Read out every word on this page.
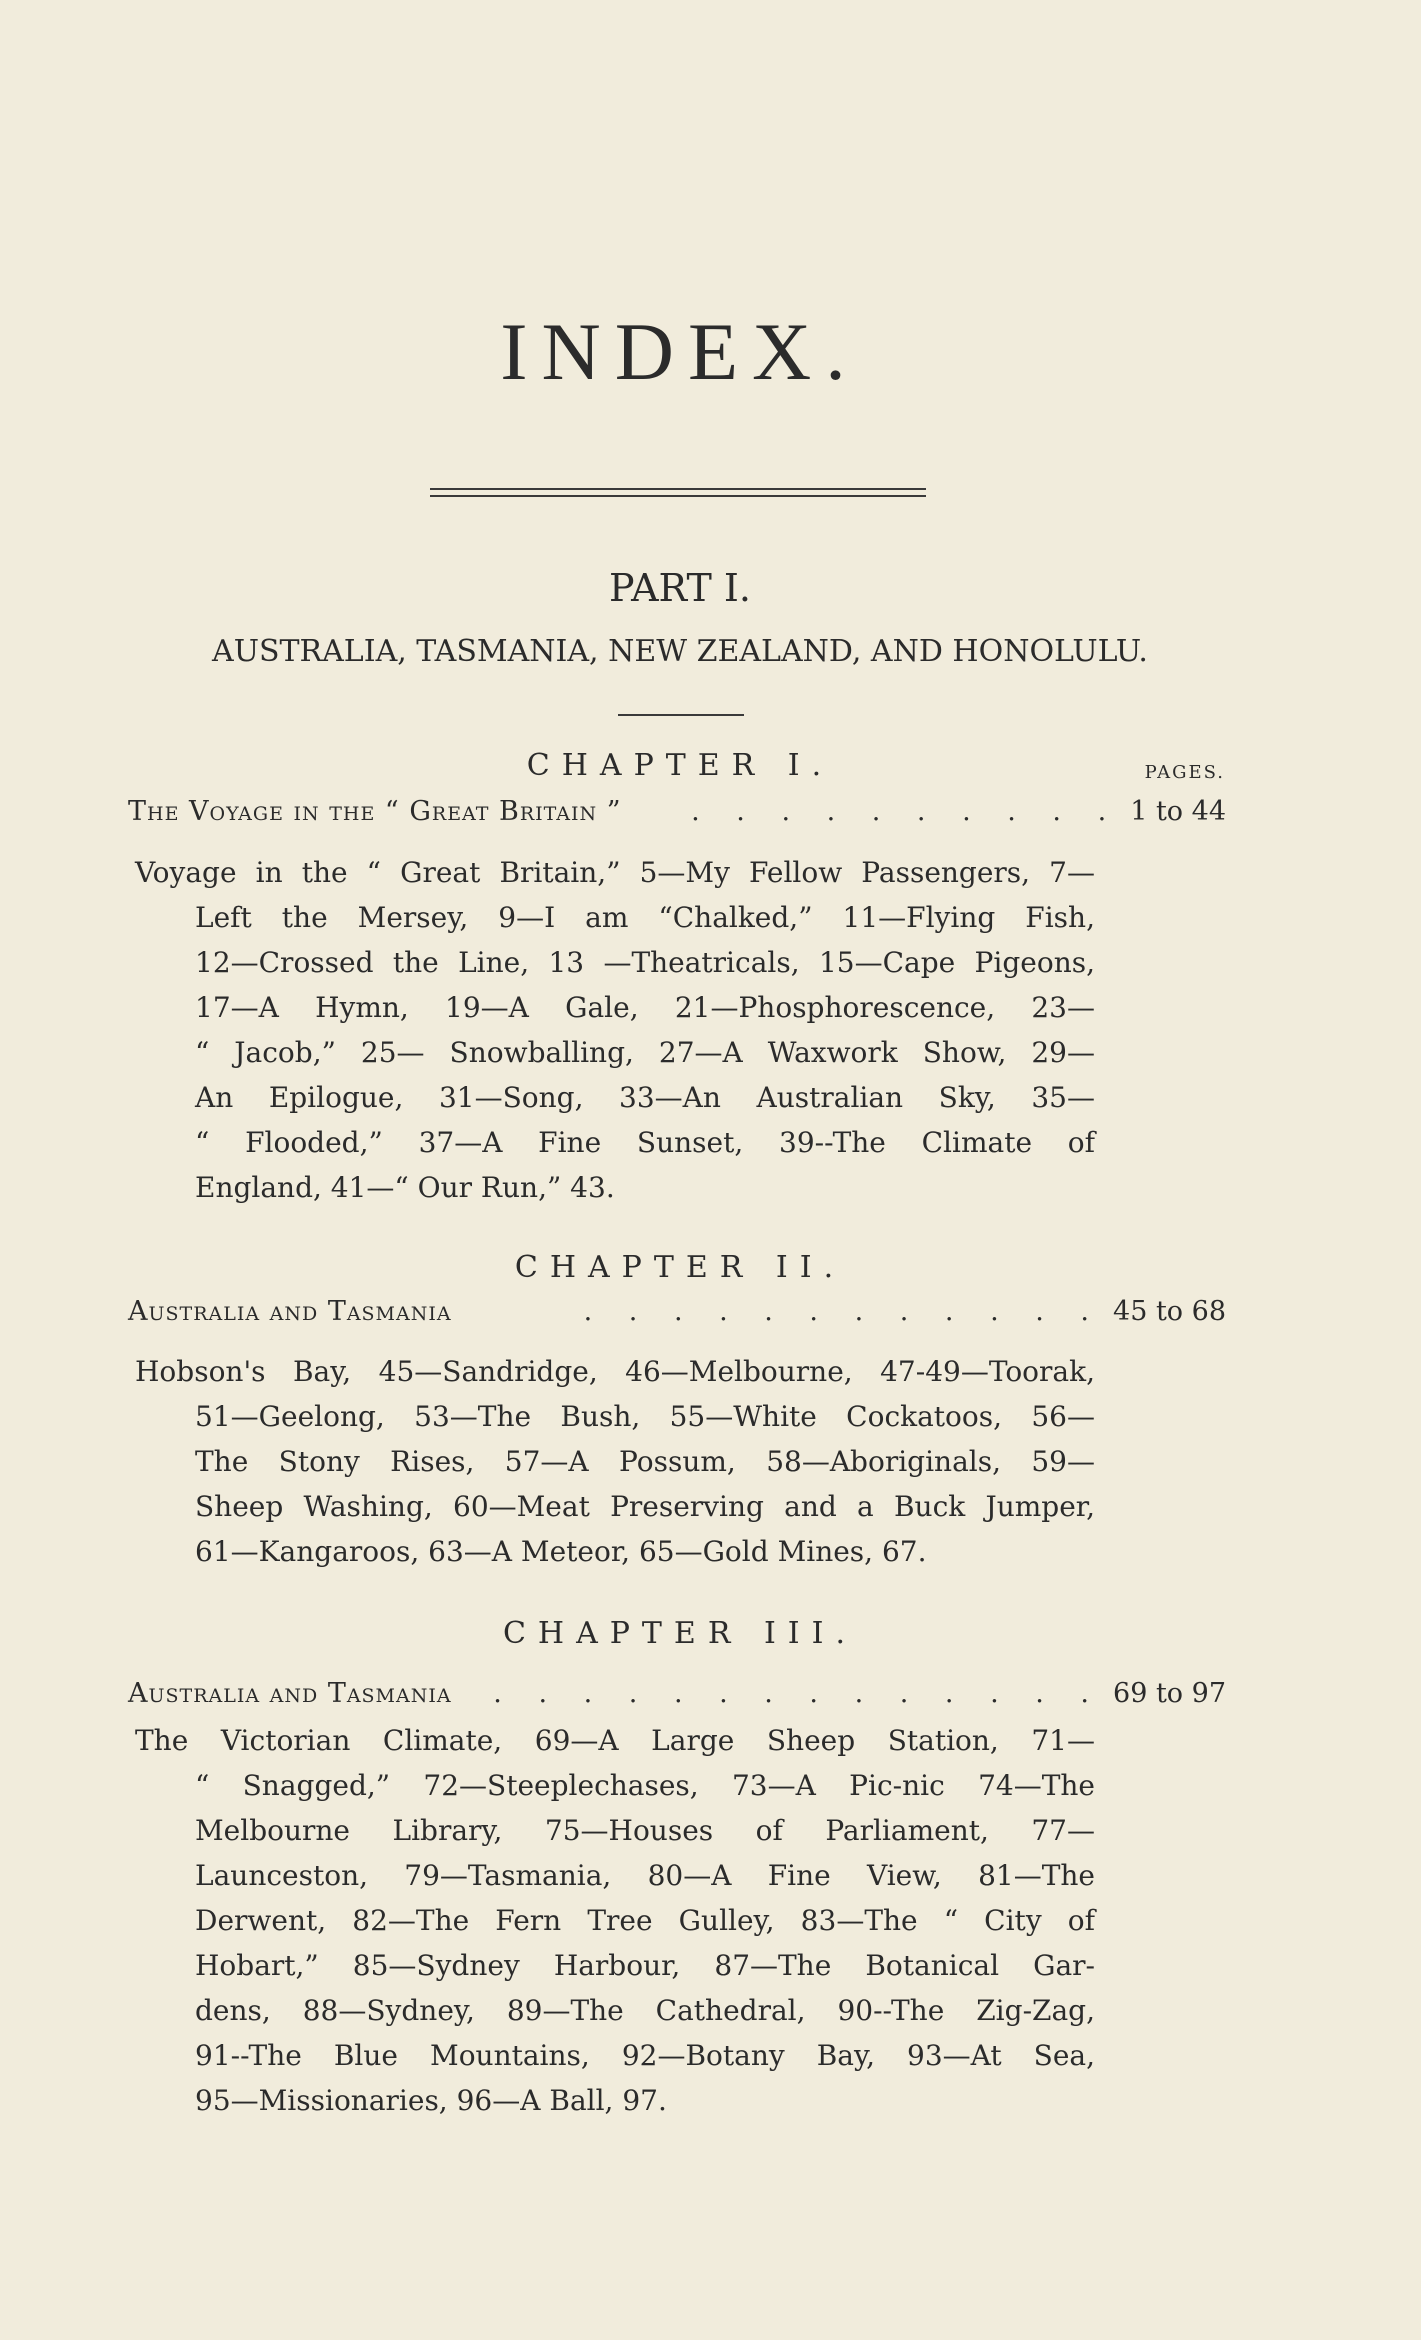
INDEX.
PART I.
AUSTRALIA, TASMANIA, NEW ZEALAND, AND HONOLULU.
CHAPTER I.	PAGES.
The Voyage in the “ Great Britain ”	. . . . . . . . . . 1 to 44
Voyage in the “ Great Britain,” 5—My Fellow Passengers, 7—
Left the Mersey, 9—I am “Chalked,” 11—Flying Fish,
12—Crossed the Line, 13 —Theatricals, 15—Cape Pigeons,
17—A Hymn, 19—A Gale, 21—Phosphorescence, 23—
“ Jacob,” 25— Snowballing, 27—A Waxwork Show, 29—
An Epilogue, 31—Song, 33—An Australian Sky, 35—
“ Flooded,” 37—A Fine Sunset, 39--The Climate of
England, 41—“ Our Run,” 43.
CHAPTER II.
Australia and Tasmania	. . . . . . . . . . . . 45 to 68
Hobson's Bay, 45—Sandridge, 46—Melbourne, 47-49—Toorak,
51—Geelong, 53—The Bush, 55—White Cockatoos, 56—
The Stony Rises, 57—A Possum, 58—Aboriginals, 59—
Sheep Washing, 60—Meat Preserving and a Buck Jumper,
61—Kangaroos, 63—A Meteor, 65—Gold Mines, 67.
CHAPTER III.
Australia and Tasmania	. . . . . . . . . . . . . . 69 to 97
The Victorian Climate, 69—A Large Sheep Station, 71—
“ Snagged,” 72—Steeplechases, 73—A Pic-nic 74—The
Melbourne Library, 75—Houses of Parliament, 77—
Launceston, 79—Tasmania, 80—A Fine View, 81—The
Derwent, 82—The Fern Tree Gulley, 83—The “ City of
Hobart,” 85—Sydney Harbour, 87—The Botanical Gar-
dens, 88—Sydney, 89—The Cathedral, 90--The Zig-Zag,
91--The Blue Mountains, 92—Botany Bay, 93—At Sea,
95—Missionaries, 96—A Ball, 97.
